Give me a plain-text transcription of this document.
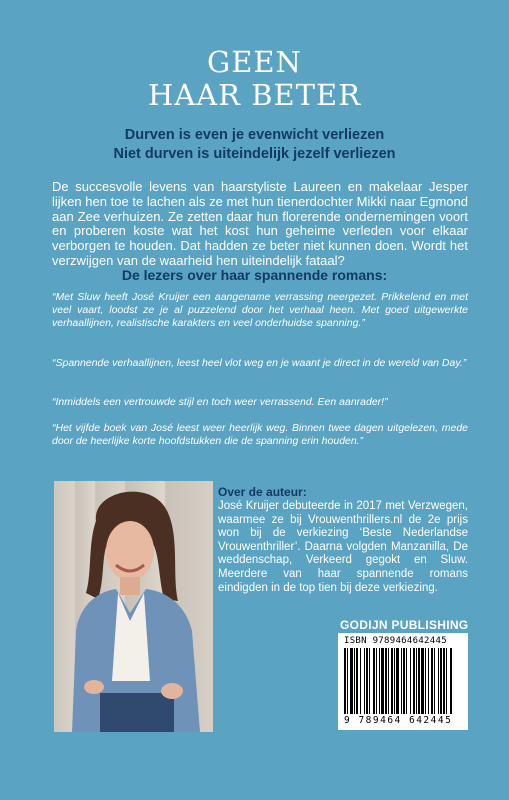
GEEN
HAAR BETER
Durven is even je evenwicht verliezen
Niet durven is uiteindelijk jezelf verliezen
De succesvolle levens van haarstyliste Laureen en makelaar Jesper lijken hen toe te lachen als ze met hun tienerdochter Mikki naar Egmond aan Zee verhuizen. Ze zetten daar hun florerende ondernemingen voort en proberen koste wat het kost hun geheime verleden voor elkaar verborgen te houden. Dat hadden ze beter niet kunnen doen. Wordt het verzwijgen van de waarheid hen uiteindelijk fataal?
De lezers over haar spannende romans:
“Met Sluw heeft José Kruijer een aangename verrassing neergezet. Prikkelend en met veel vaart, loodst ze je al puzzelend door het verhaal heen. Met goed uitgewerkte verhaallijnen, realistische karakters en veel onderhuidse spanning.”
“Spannende verhaallijnen, leest heel vlot weg en je waant je direct in de wereld van Day.”
“Inmiddels een vertrouwde stijl en toch weer verrassend. Een aanrader!”
“Het vijfde boek van José leest weer heerlijk weg. Binnen twee dagen uitgelezen, mede door de heerlijke korte hoofdstukken die de spanning erin houden.”
Over de auteur:
José Kruijer debuteerde in 2017 met Verzwegen, waarmee ze bij Vrouwenthrillers.nl de 2e prijs won bij de verkiezing ‘Beste Nederlandse Vrouwenthriller’. Daarna volgden Manzanilla, De weddenschap, Verkeerd gegokt en Sluw. Meerdere van haar spannende romans eindigden in de top tien bij deze verkiezing.
GODIJN PUBLISHING
ISBN 9789464642445
9 789464 642445
